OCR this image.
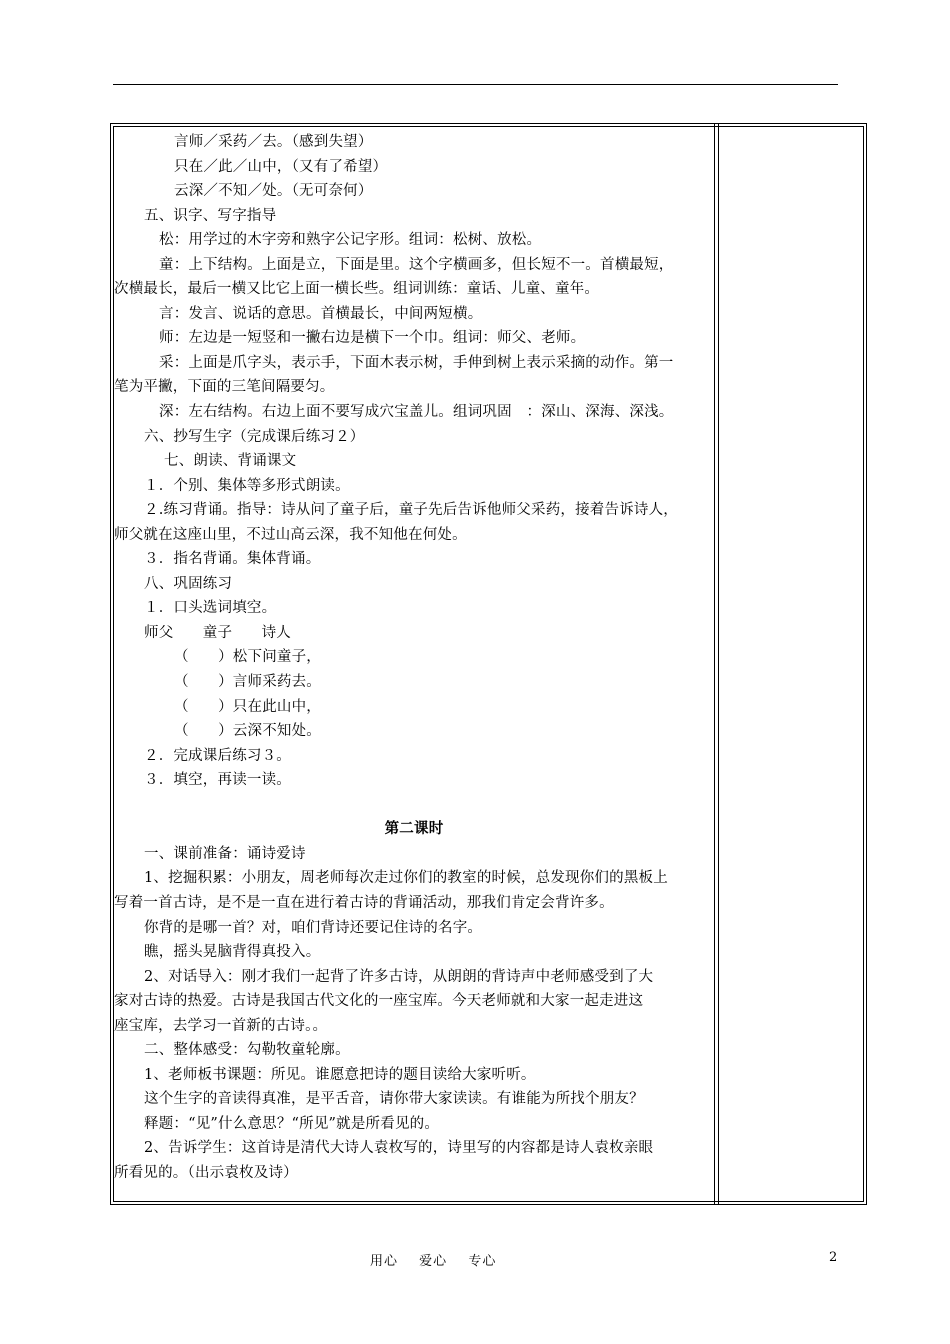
言师／采药／去。（感到失望）
只在／此／山中，（又有了希望）
云深／不知／处。（无可奈何）
五、识字、写字指导
松：用学过的木字旁和熟字公记字形。组词：松树、放松。
童：上下结构。上面是立，下面是里。这个字横画多，但长短不一。首横最短，
次横最长，最后一横又比它上面一横长些。组词训练：童话、儿童、童年。
言：发言、说话的意思。首横最长，中间两短横。
师：左边是一短竖和一撇右边是横下一个巾。组词：师父、老师。
采：上面是爪字头，表示手，下面木表示树，手伸到树上表示采摘的动作。第一
笔为平撇，下面的三笔间隔要匀。
深：左右结构。右边上面不要写成穴宝盖儿。组词巩固　：深山、深海、深浅。
六、抄写生字（完成课后练习２）
七、朗读、背诵课文
１．个别、集体等多形式朗读。
２.练习背诵。指导：诗从问了童子后，童子先后告诉他师父采药，接着告诉诗人，
师父就在这座山里，不过山高云深，我不知他在何处。
３．指名背诵。集体背诵。
八、巩固练习
１．口头选词填空。
师父　　童子　　诗人
（　　）松下问童子，
（　　）言师采药去。
（　　）只在此山中，
（　　）云深不知处。
２．完成课后练习３。
３．填空，再读一读。
第二课时
一、课前准备：诵诗爱诗
1、挖掘积累：小朋友，周老师每次走过你们的教室的时候，总发现你们的黑板上
写着一首古诗，是不是一直在进行着古诗的背诵活动，那我们肯定会背许多。
你背的是哪一首？对，咱们背诗还要记住诗的名字。
瞧，摇头晃脑背得真投入。
2、对话导入：刚才我们一起背了许多古诗，从朗朗的背诗声中老师感受到了大
家对古诗的热爱。古诗是我国古代文化的一座宝库。今天老师就和大家一起走进这
座宝库，去学习一首新的古诗。。
二、整体感受：勾勒牧童轮廓。
1、老师板书课题：所见。谁愿意把诗的题目读给大家听听。
这个生字的音读得真准，是平舌音，请你带大家读读。有谁能为所找个朋友？
释题：“见”什么意思？“所见”就是所看见的。
2、告诉学生：这首诗是清代大诗人袁枚写的，诗里写的内容都是诗人袁枚亲眼
所看见的。（出示袁枚及诗）
用心 爱心 专心	2
